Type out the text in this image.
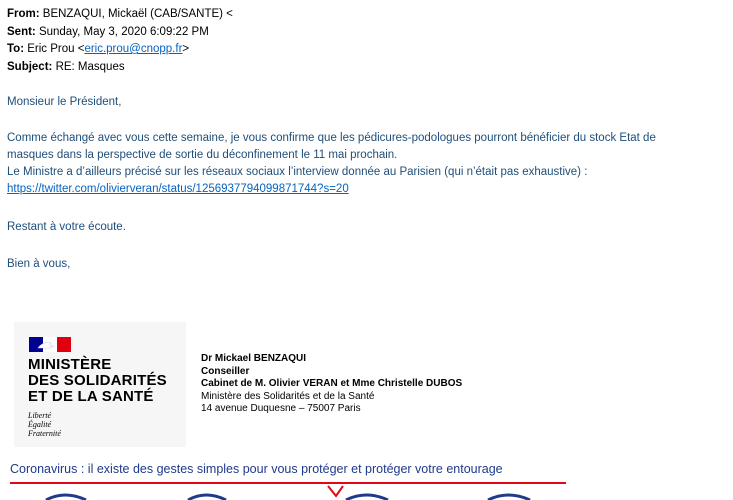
From: BENZAQUI, Mickaël (CAB/SANTE) <
Sent: Sunday, May 3, 2020 6:09:22 PM
To: Eric Prou <eric.prou@cnopp.fr>
Subject: RE: Masques
Monsieur le Président,
Comme échangé avec vous cette semaine, je vous confirme que les pédicures-podologues pourront bénéficier du stock Etat de
masques dans la perspective de sortie du déconfinement le 11 mai prochain.
Le Ministre a d’ailleurs précisé sur les réseaux sociaux l’interview donnée au Parisien (qui n’était pas exhaustive) :
https://twitter.com/olivierveran/status/1256937794099871744?s=20
Restant à votre écoute.
Bien à vous,
MINISTÈRE
DES SOLIDARITÉS
ET DE LA SANTÉ
Liberté
Égalité
Fraternité
Dr Mickael BENZAQUI
Conseiller
Cabinet de M. Olivier VERAN et Mme Christelle DUBOS
Ministère des Solidarités et de la Santé
14 avenue Duquesne – 75007 Paris
Coronavirus : il existe des gestes simples pour vous protéger et protéger votre entourage
